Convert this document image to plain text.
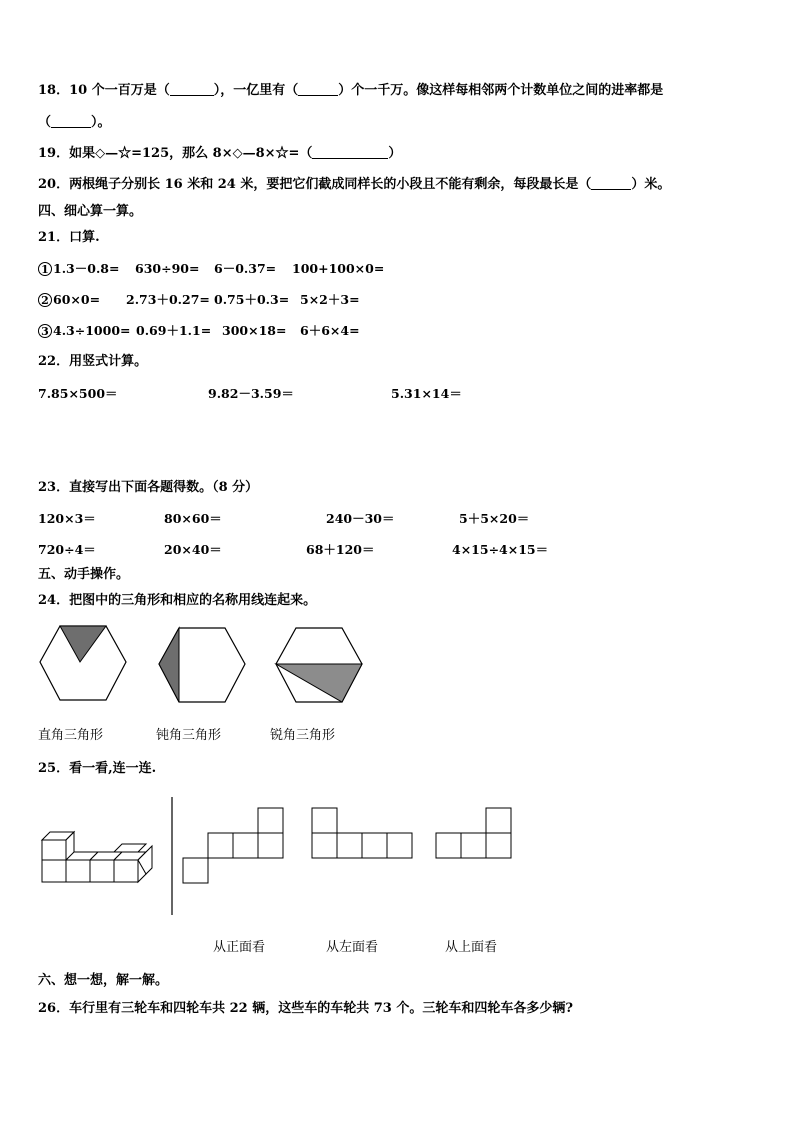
18．10 个一百万是（	），一亿里有（	）个一千万。像这样每相邻两个计数单位之间的进率都是
（	）。
19．如果◇—☆=125，那么 8×◇—8×☆=（	）
20．两根绳子分别长 16 米和 24 米，要把它们截成同样长的小段且不能有剩余，每段最长是（	）米。
四、细心算一算。
21．口算.
1 1.3－0.8= 630÷90= 6－0.37= 100+100×0=
2 60×0= 2.73＋0.27= 0.75＋0.3= 5×2＋3=
3 4.3÷1000= 0.69＋1.1= 300×18= 6＋6×4=
22．用竖式计算。
7.85×500＝	9.82－3.59＝	5.31×14＝
23．直接写出下面各题得数。（8 分）
120×3＝	80×60＝	240－30＝	5＋5×20＝
720÷4＝	20×40＝	68＋120＝	4×15÷4×15＝
五、动手操作。
24．把图中的三角形和相应的名称用线连起来。
直角三角形	钝角三角形	锐角三角形
25．看一看,连一连.
从正面看	从左面看	从上面看
六、想一想，解一解。
26．车行里有三轮车和四轮车共 22 辆，这些车的车轮共 73 个。三轮车和四轮车各多少辆?
